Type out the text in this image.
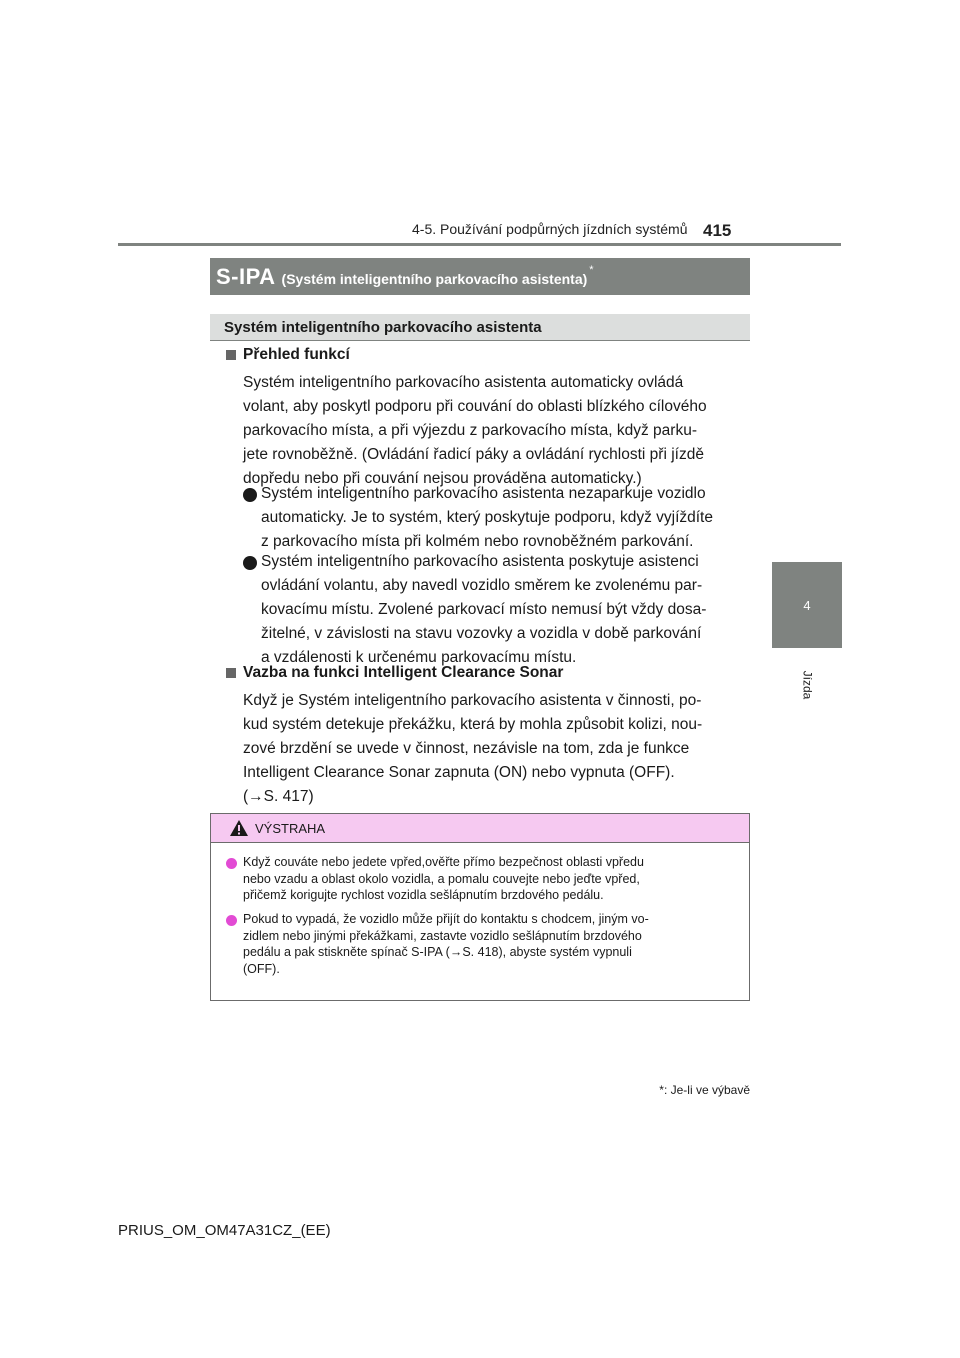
4-5. Používání podpůrných jízdních systémů 415
4
Jízda
S-IPA (Systém inteligentního parkovacího asistenta)
*
Systém inteligentního parkovacího asistenta
Přehled funkcí
Systém inteligentního parkovacího asistenta automaticky ovládá
volant, aby poskytl podporu při couvání do oblasti blízkého cílového
parkovacího místa, a při výjezdu z parkovacího místa, když parku-
jete rovnoběžně. (Ovládání řadicí páky a ovládání rychlosti při jízdě
dopředu nebo při couvání nejsou prováděna automaticky.)
Systém inteligentního parkovacího asistenta nezaparkuje vozidlo
automaticky. Je to systém, který poskytuje podporu, když vyjíždíte
z parkovacího místa při kolmém nebo rovnoběžném parkování.
Systém inteligentního parkovacího asistenta poskytuje asistenci
ovládání volantu, aby navedl vozidlo směrem ke zvolenému par-
kovacímu místu. Zvolené parkovací místo nemusí být vždy dosa-
žitelné, v závislosti na stavu vozovky a vozidla v době parkování
a vzdálenosti k určenému parkovacímu místu.
Vazba na funkci Intelligent Clearance Sonar
Když je Systém inteligentního parkovacího asistenta v činnosti, po-
kud systém detekuje překážku, která by mohla způsobit kolizi, nou-
zové brzdění se uvede v činnost, nezávisle na tom, zda je funkce
Intelligent Clearance Sonar zapnuta (ON) nebo vypnuta (OFF).
(→S. 417)
VÝSTRAHA
Když couváte nebo jedete vpřed,ověřte přímo bezpečnost oblasti vpředu
nebo vzadu a oblast okolo vozidla, a pomalu couvejte nebo jeďte vpřed,
přičemž korigujte rychlost vozidla sešlápnutím brzdového pedálu.
Pokud to vypadá, že vozidlo může přijít do kontaktu s chodcem, jiným vo-
zidlem nebo jinými překážkami, zastavte vozidlo sešlápnutím brzdového
pedálu a pak stiskněte spínač S-IPA (→S. 418), abyste systém vypnuli
(OFF).
*: Je-li ve výbavě
PRIUS_OM_OM47A31CZ_(EE)
